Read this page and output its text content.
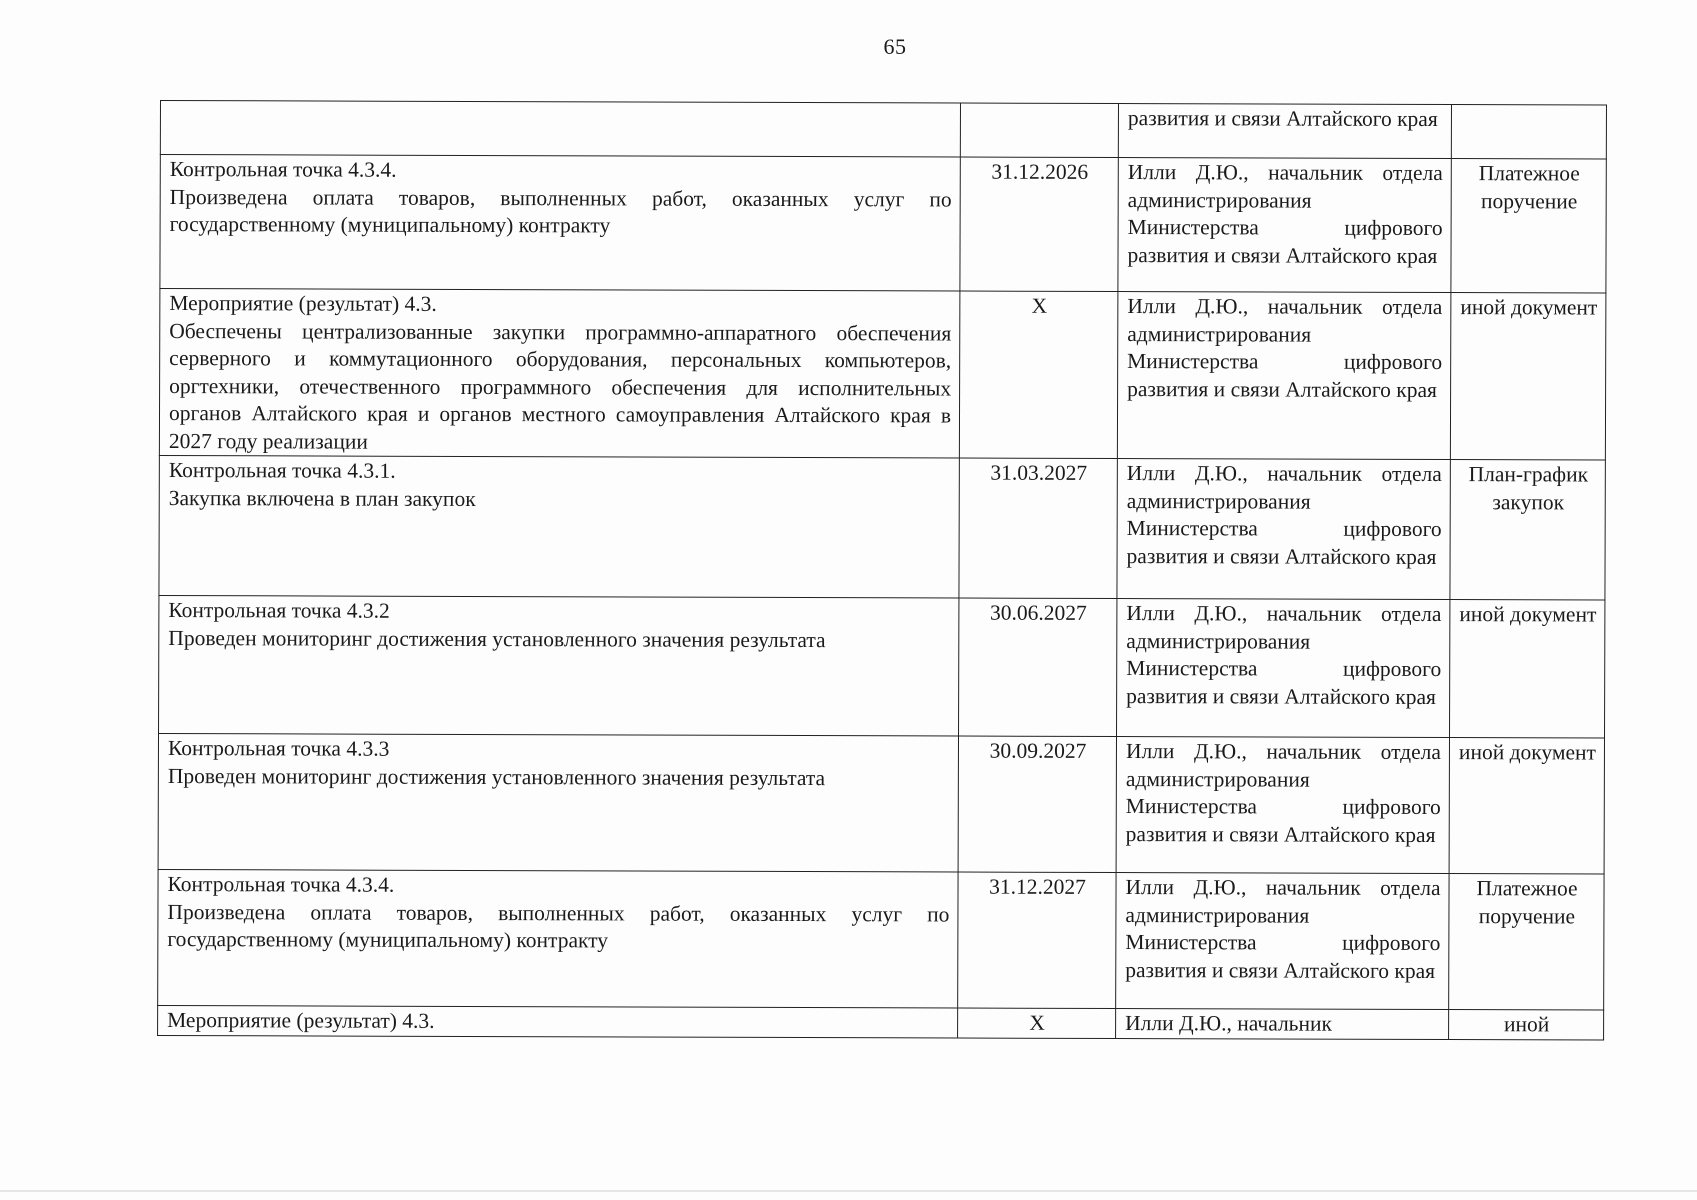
65
		развития и связи Алтайского края	

Контрольная точка 4.3.4.
Произведена оплата товаров, выполненных работ, оказанных услуг по государственному (муниципальному) контракту	31.12.2026	Илли Д.Ю., начальник отдела администрирования Министерства цифрового развития и связи Алтайского края	Платежное поручение

Мероприятие (результат) 4.3.
Обеспечены централизованные закупки программно-аппаратного обеспечения серверного и коммутационного оборудования, персональных компьютеров, оргтехники, отечественного программного обеспечения для исполнительных органов Алтайского края и органов местного самоуправления Алтайского края в 2027 году реализации	X	Илли Д.Ю., начальник отдела администрирования Министерства цифрового развития и связи Алтайского края	иной документ

Контрольная точка 4.3.1.
Закупка включена в план закупок	31.03.2027	Илли Д.Ю., начальник отдела администрирования Министерства цифрового развития и связи Алтайского края	План-график закупок

Контрольная точка 4.3.2
Проведен мониторинг достижения установленного значения результата	30.06.2027	Илли Д.Ю., начальник отдела администрирования Министерства цифрового развития и связи Алтайского края	иной документ

Контрольная точка 4.3.3
Проведен мониторинг достижения установленного значения результата	30.09.2027	Илли Д.Ю., начальник отдела администрирования Министерства цифрового развития и связи Алтайского края	иной документ

Контрольная точка 4.3.4.
Произведена оплата товаров, выполненных работ, оказанных услуг по государственному (муниципальному) контракту	31.12.2027	Илли Д.Ю., начальник отдела администрирования Министерства цифрового развития и связи Алтайского края	Платежное поручение

Мероприятие (результат) 4.3.	X	Илли Д.Ю., начальник	иной
